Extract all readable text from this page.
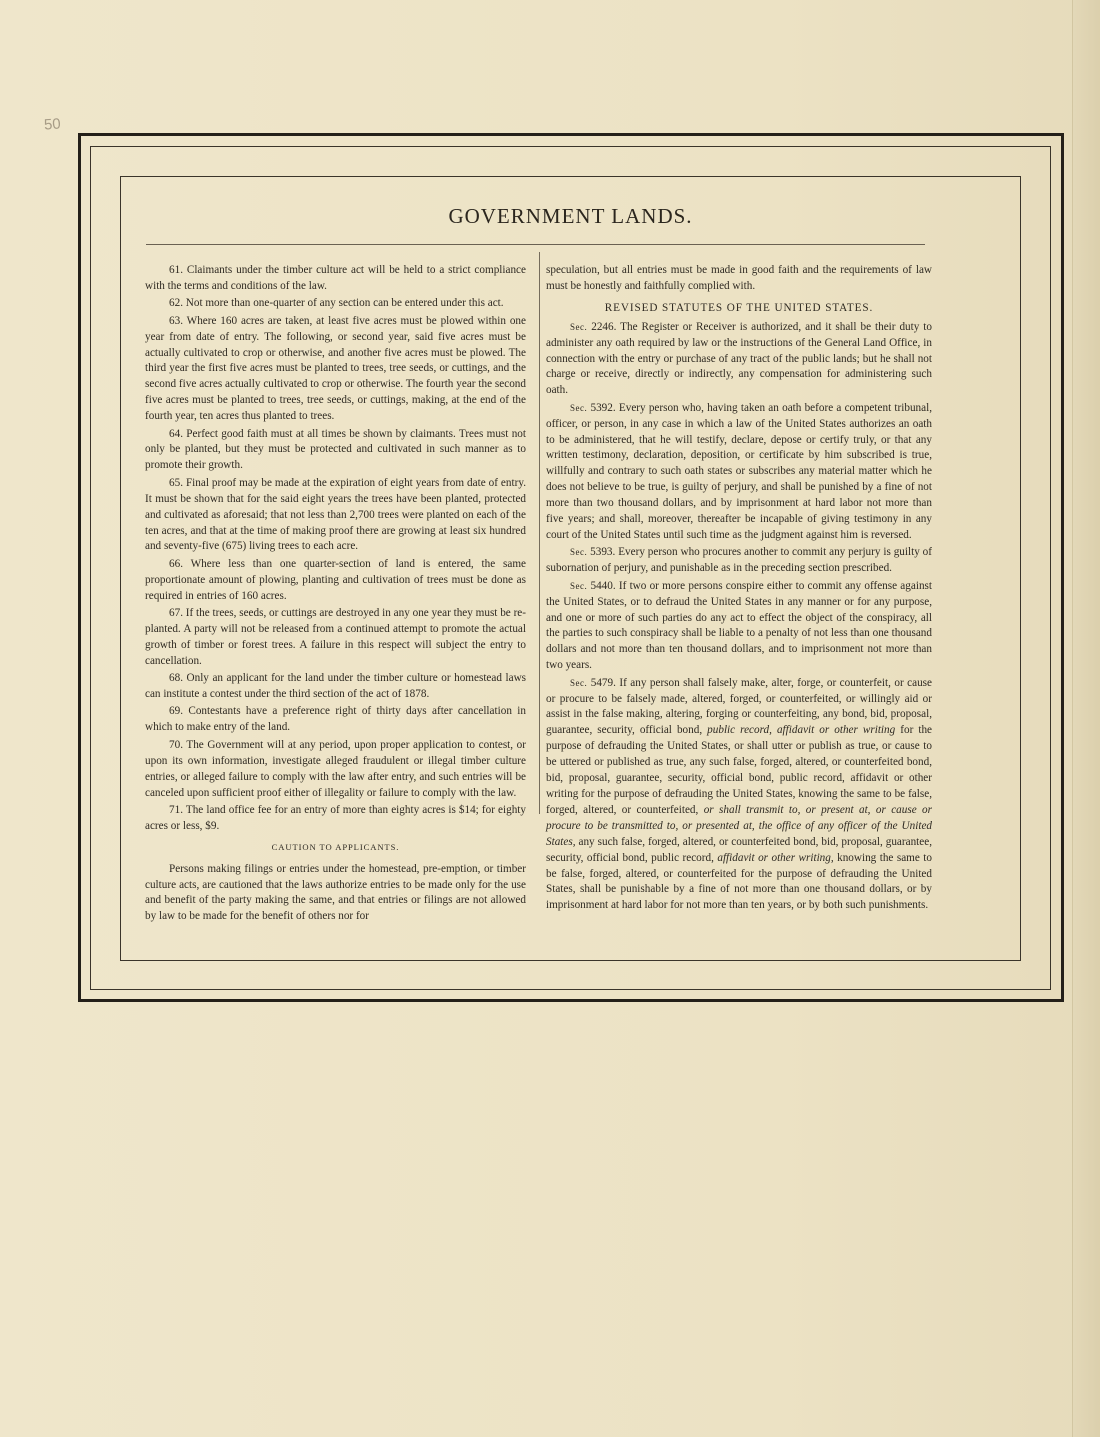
50
GOVERNMENT LANDS.

61. Claimants under the timber culture act will be held to a strict compliance with the terms and conditions of the law.

62. Not more than one-quarter of any section can be entered under this act.

63. Where 160 acres are taken, at least five acres must be plowed within one year from date of entry. The following, or second year, said five acres must be actually cultivated to crop or otherwise, and another five acres must be plowed. The third year the first five acres must be planted to trees, tree seeds, or cuttings, and the second five acres actually cultivated to crop or otherwise. The fourth year the second five acres must be planted to trees, tree seeds, or cuttings, making, at the end of the fourth year, ten acres thus planted to trees.

64. Perfect good faith must at all times be shown by claimants. Trees must not only be planted, but they must be protected and cultivated in such manner as to promote their growth.

65. Final proof may be made at the expiration of eight years from date of entry. It must be shown that for the said eight years the trees have been planted, protected and cultivated as aforesaid; that not less than 2,700 trees were planted on each of the ten acres, and that at the time of making proof there are growing at least six hundred and seventy-five (675) living trees to each acre.

66. Where less than one quarter-section of land is entered, the same proportionate amount of plowing, planting and cultivation of trees must be done as required in entries of 160 acres.

67. If the trees, seeds, or cuttings are destroyed in any one year they must be re-planted. A party will not be released from a continued attempt to promote the actual growth of timber or forest trees. A failure in this respect will subject the entry to cancellation.

68. Only an applicant for the land under the timber culture or homestead laws can institute a contest under the third section of the act of 1878.

69. Contestants have a preference right of thirty days after cancellation in which to make entry of the land.

70. The Government will at any period, upon proper application to contest, or upon its own information, investigate alleged fraudulent or illegal timber culture entries, or alleged failure to comply with the law after entry, and such entries will be canceled upon sufficient proof either of illegality or failure to comply with the law.

71. The land office fee for an entry of more than eighty acres is $14; for eighty acres or less, $9.

CAUTION TO APPLICANTS.

Persons making filings or entries under the homestead, pre-emption, or timber culture acts, are cautioned that the laws authorize entries to be made only for the use and benefit of the party making the same, and that entries or filings are not allowed by law to be made for the benefit of others nor for

speculation, but all entries must be made in good faith and the requirements of law must be honestly and faithfully complied with.

REVISED STATUTES OF THE UNITED STATES.

Sec. 2246. The Register or Receiver is authorized, and it shall be their duty to administer any oath required by law or the instructions of the General Land Office, in connection with the entry or purchase of any tract of the public lands; but he shall not charge or receive, directly or indirectly, any compensation for administering such oath.

Sec. 5392. Every person who, having taken an oath before a competent tribunal, officer, or person, in any case in which a law of the United States authorizes an oath to be administered, that he will testify, declare, depose or certify truly, or that any written testimony, declaration, deposition, or certificate by him subscribed is true, willfully and contrary to such oath states or subscribes any material matter which he does not believe to be true, is guilty of perjury, and shall be punished by a fine of not more than two thousand dollars, and by imprisonment at hard labor not more than five years; and shall, moreover, thereafter be incapable of giving testimony in any court of the United States until such time as the judgment against him is reversed.

Sec. 5393. Every person who procures another to commit any perjury is guilty of subornation of perjury, and punishable as in the preceding section prescribed.

Sec. 5440. If two or more persons conspire either to commit any offense against the United States, or to defraud the United States in any manner or for any purpose, and one or more of such parties do any act to effect the object of the conspiracy, all the parties to such conspiracy shall be liable to a penalty of not less than one thousand dollars and not more than ten thousand dollars, and to imprisonment not more than two years.

Sec. 5479. If any person shall falsely make, alter, forge, or counterfeit, or cause or procure to be falsely made, altered, forged, or counterfeited, or willingly aid or assist in the false making, altering, forging or counterfeiting, any bond, bid, proposal, guarantee, security, official bond, public record, affidavit or other writing for the purpose of defrauding the United States, or shall utter or publish as true, or cause to be uttered or published as true, any such false, forged, altered, or counterfeited bond, bid, proposal, guarantee, security, official bond, public record, affidavit or other writing for the purpose of defrauding the United States, knowing the same to be false, forged, altered, or counterfeited, or shall transmit to, or present at, or cause or procure to be transmitted to, or presented at, the office of any officer of the United States, any such false, forged, altered, or counterfeited bond, bid, proposal, guarantee, security, official bond, public record, affidavit or other writing, knowing the same to be false, forged, altered, or counterfeited for the purpose of defrauding the United States, shall be punishable by a fine of not more than one thousand dollars, or by imprisonment at hard labor for not more than ten years, or by both such punishments.
